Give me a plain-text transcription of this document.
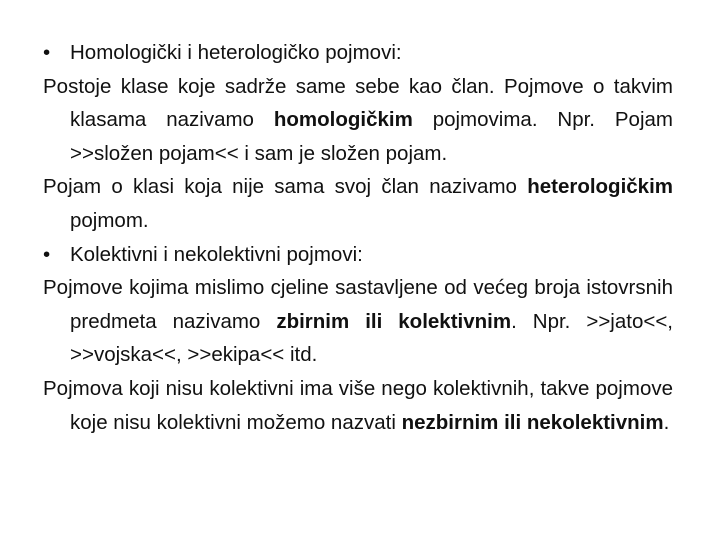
• Homologički i heterologičko pojmovi:

Postoje klase koje sadrže same sebe kao član. Pojmove o takvim klasama nazivamo homologičkim pojmovima. Npr. Pojam >>složen pojam<< i sam je složen pojam.

Pojam o klasi koja nije sama svoj član nazivamo heterologičkim pojmom.

• Kolektivni i nekolektivni pojmovi:

Pojmove kojima mislimo cjeline sastavljene od većeg broja istovrsnih predmeta nazivamo zbirnim ili kolektivnim. Npr. >>jato<<, >>vojska<<, >>ekipa<< itd.

Pojmova koji nisu kolektivni ima više nego kolektivnih, takve pojmove koje nisu kolektivni možemo nazvati nezbirnim ili nekolektivnim.
